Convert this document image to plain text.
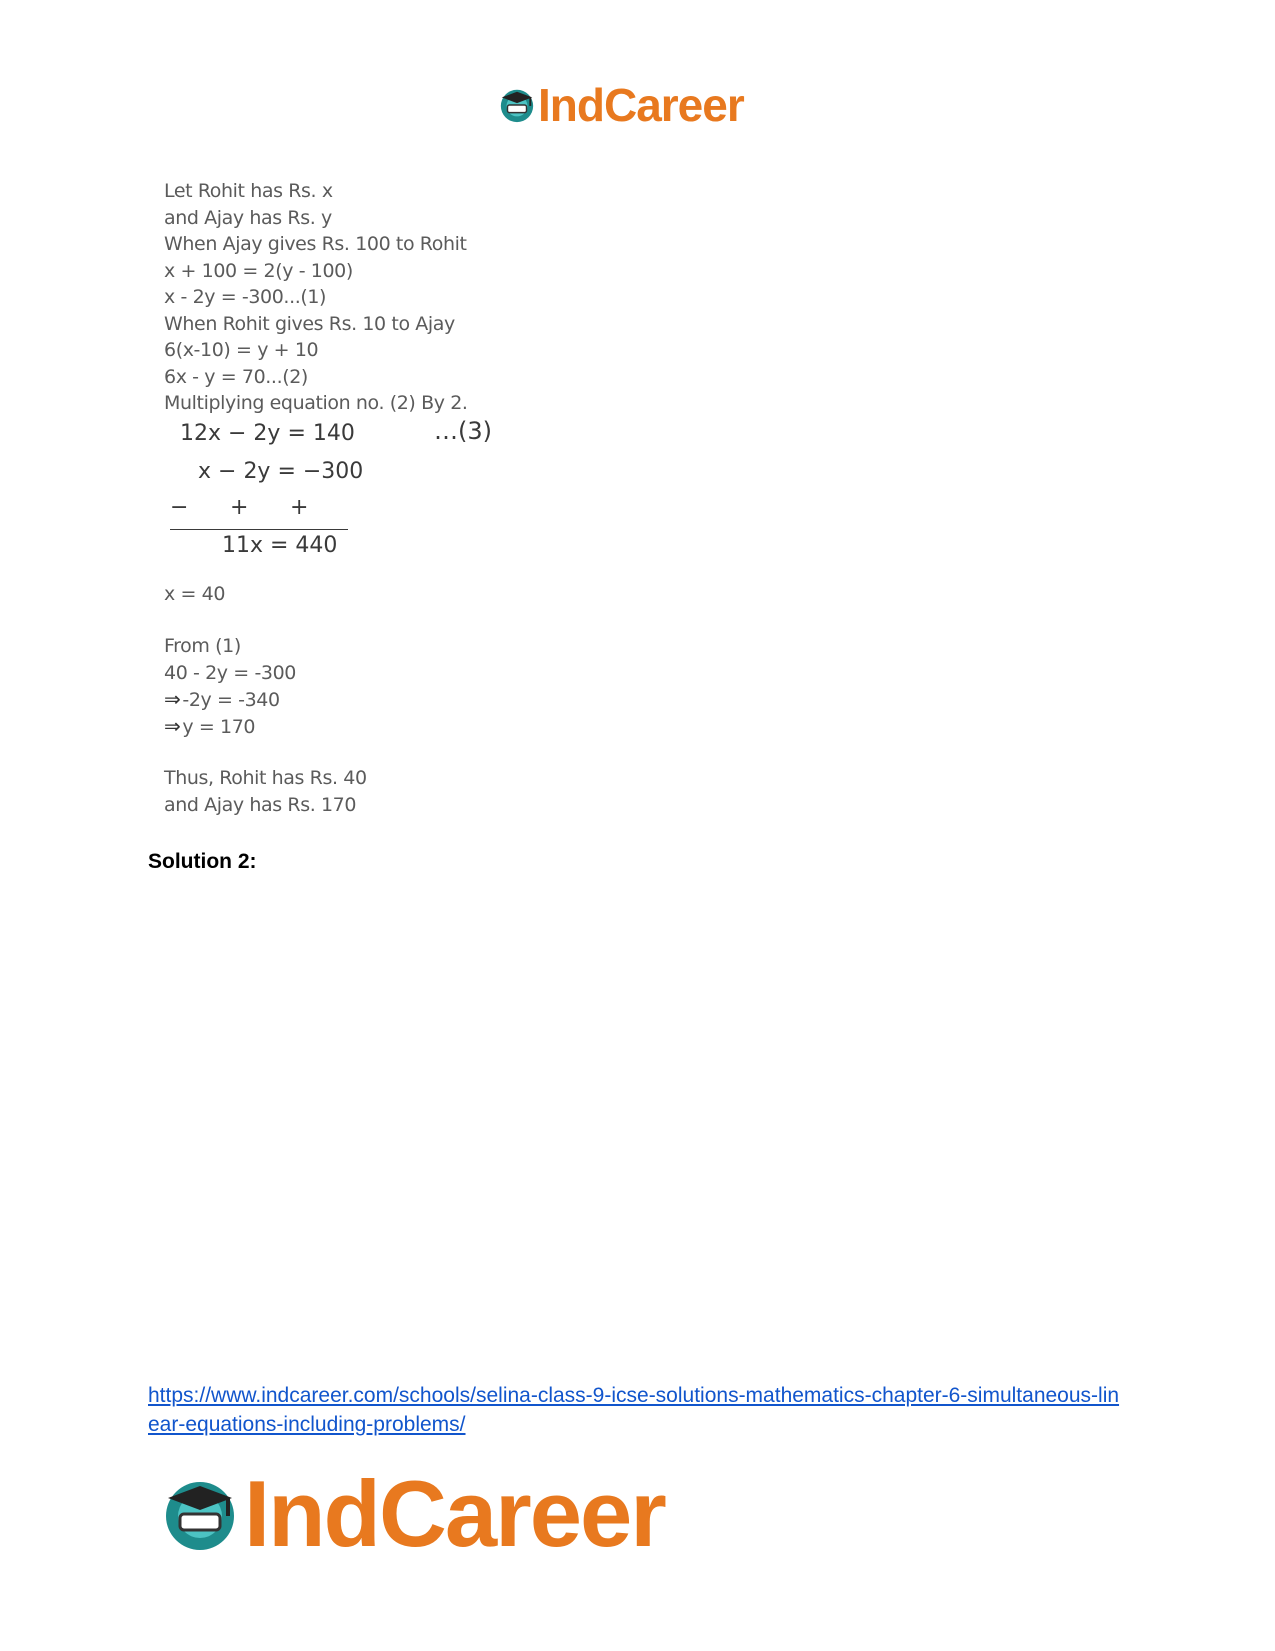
IndCareer
Let Rohit has Rs. x
and Ajay has Rs. y
When Ajay gives Rs. 100 to Rohit
x + 100 = 2(y - 100)
x - 2y = -300...(1)
When Rohit gives Rs. 10 to Ajay
6(x-10) = y + 10
6x - y = 70...(2)
Multiplying equation no. (2) By 2.
12x − 2y = 140	…(3)
x − 2y = −300
−	+	+
11x = 440
x = 40
From (1)
40 - 2y = -300
⇒ -2y = -340
⇒ y = 170
Thus, Rohit has Rs. 40
and Ajay has Rs. 170
Solution 2:
https://www.indcareer.com/schools/selina-class-9-icse-solutions-mathematics-chapter-6-simultaneous-linear-equations-including-problems/
IndCareer
